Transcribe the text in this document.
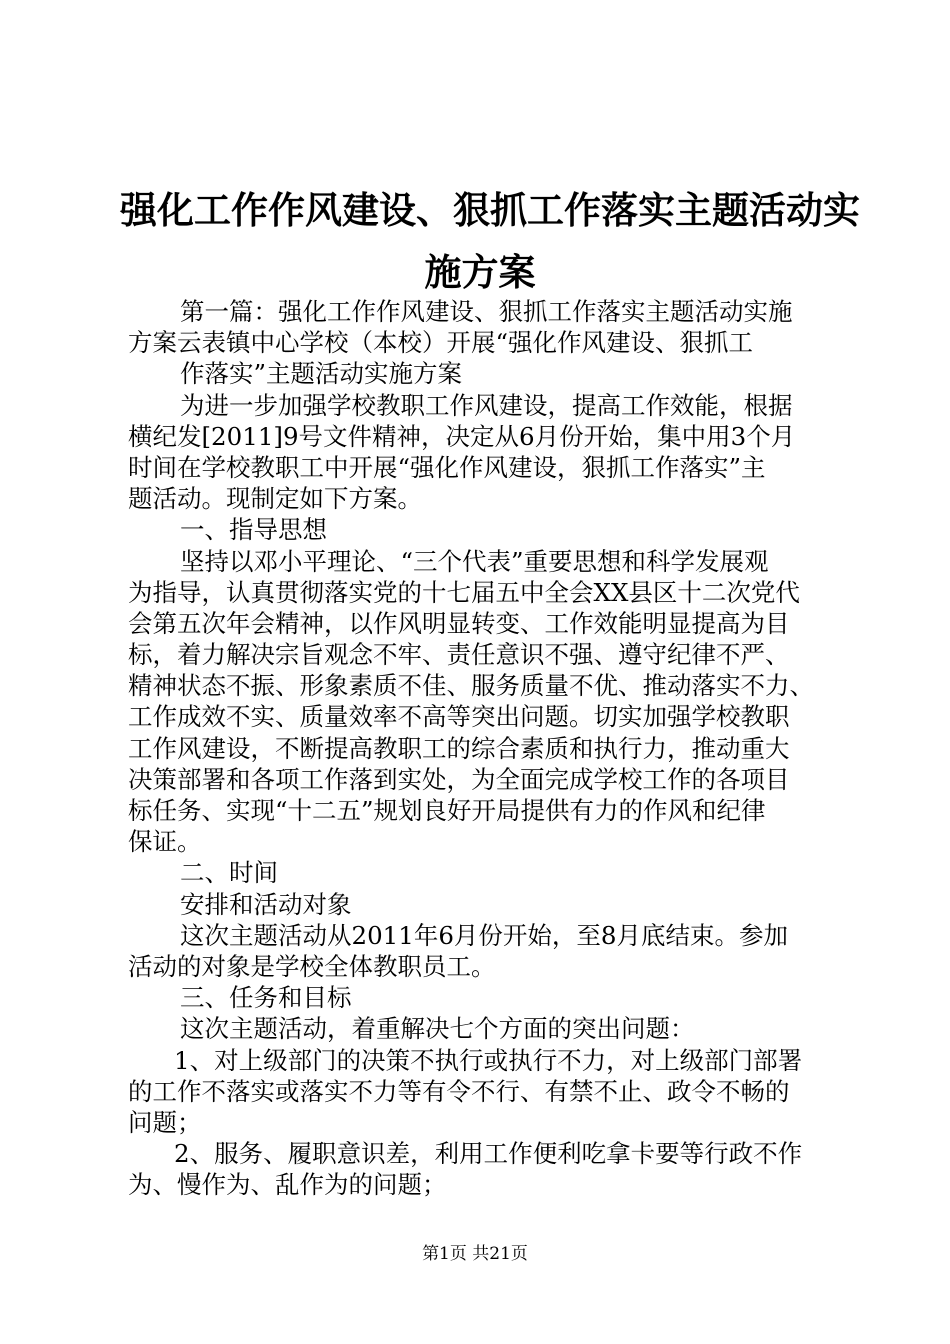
强化工作作风建设、狠抓工作落实主题活动实
施方案
第一篇：强化工作作风建设、狠抓工作落实主题活动实施
方案云表镇中心学校（本校）开展“强化作风建设、狠抓工
作落实”主题活动实施方案
为进一步加强学校教职工作风建设，提高工作效能，根据
横纪发[2011]9号文件精神，决定从6月份开始，集中用3个月
时间在学校教职工中开展“强化作风建设，狠抓工作落实”主
题活动。现制定如下方案。
一、指导思想
坚持以邓小平理论、“三个代表”重要思想和科学发展观
为指导，认真贯彻落实党的十七届五中全会XX县区十二次党代
会第五次年会精神，以作风明显转变、工作效能明显提高为目
标，着力解决宗旨观念不牢、责任意识不强、遵守纪律不严、
精神状态不振、形象素质不佳、服务质量不优、推动落实不力、
工作成效不实、质量效率不高等突出问题。切实加强学校教职
工作风建设，不断提高教职工的综合素质和执行力，推动重大
决策部署和各项工作落到实处，为全面完成学校工作的各项目
标任务、实现“十二五”规划良好开局提供有力的作风和纪律
保证。
二、时间
安排和活动对象
这次主题活动从2011年6月份开始，至8月底结束。参加
活动的对象是学校全体教职员工。
三、任务和目标
这次主题活动，着重解决七个方面的突出问题：
1、对上级部门的决策不执行或执行不力，对上级部门部署
的工作不落实或落实不力等有令不行、有禁不止、政令不畅的
问题；
2、服务、履职意识差，利用工作便利吃拿卡要等行政不作
为、慢作为、乱作为的问题；
第1页 共21页
